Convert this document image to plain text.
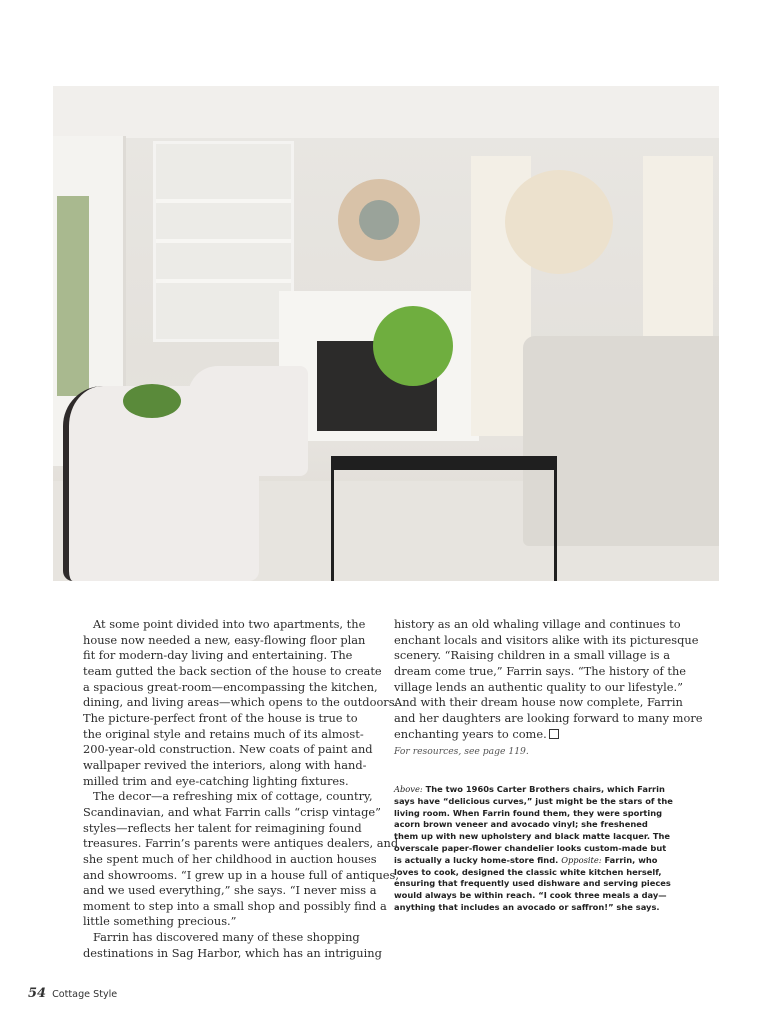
At some point divided into two apartments, the
house now needed a new, easy-flowing floor plan
fit for modern-day living and entertaining. The
team gutted the back section of the house to create
a spacious great-room—encompassing the kitchen,
dining, and living areas—which opens to the outdoors.
The picture-perfect front of the house is true to
the original style and retains much of its almost-
200-year-old construction. New coats of paint and
wallpaper revived the interiors, along with hand-
milled trim and eye-catching lighting fixtures.
The decor—a refreshing mix of cottage, country,
Scandinavian, and what Farrin calls “crisp vintage”
styles—reflects her talent for reimagining found
treasures. Farrin’s parents were antiques dealers, and
she spent much of her childhood in auction houses
and showrooms. “I grew up in a house full of antiques,
and we used everything,” she says. “I never miss a
moment to step into a small shop and possibly find a
little something precious.”
Farrin has discovered many of these shopping
destinations in Sag Harbor, which has an intriguing
history as an old whaling village and continues to
enchant locals and visitors alike with its picturesque
scenery. “Raising children in a small village is a
dream come true,” Farrin says. “The history of the
village lends an authentic quality to our lifestyle.”
And with their dream house now complete, Farrin
and her daughters are looking forward to many more
enchanting years to come.
For resources, see page 119.
Above: The two 1960s Carter Brothers chairs, which Farrin
says have “delicious curves,” just might be the stars of the
living room. When Farrin found them, they were sporting
acorn brown veneer and avocado vinyl; she freshened
them up with new upholstery and black matte lacquer. The
overscale paper-flower chandelier looks custom-made but
is actually a lucky home-store find. Opposite: Farrin, who
loves to cook, designed the classic white kitchen herself,
ensuring that frequently used dishware and serving pieces
would always be within reach. “I cook three meals a day—
anything that includes an avocado or saffron!” she says.
54 Cottage Style
